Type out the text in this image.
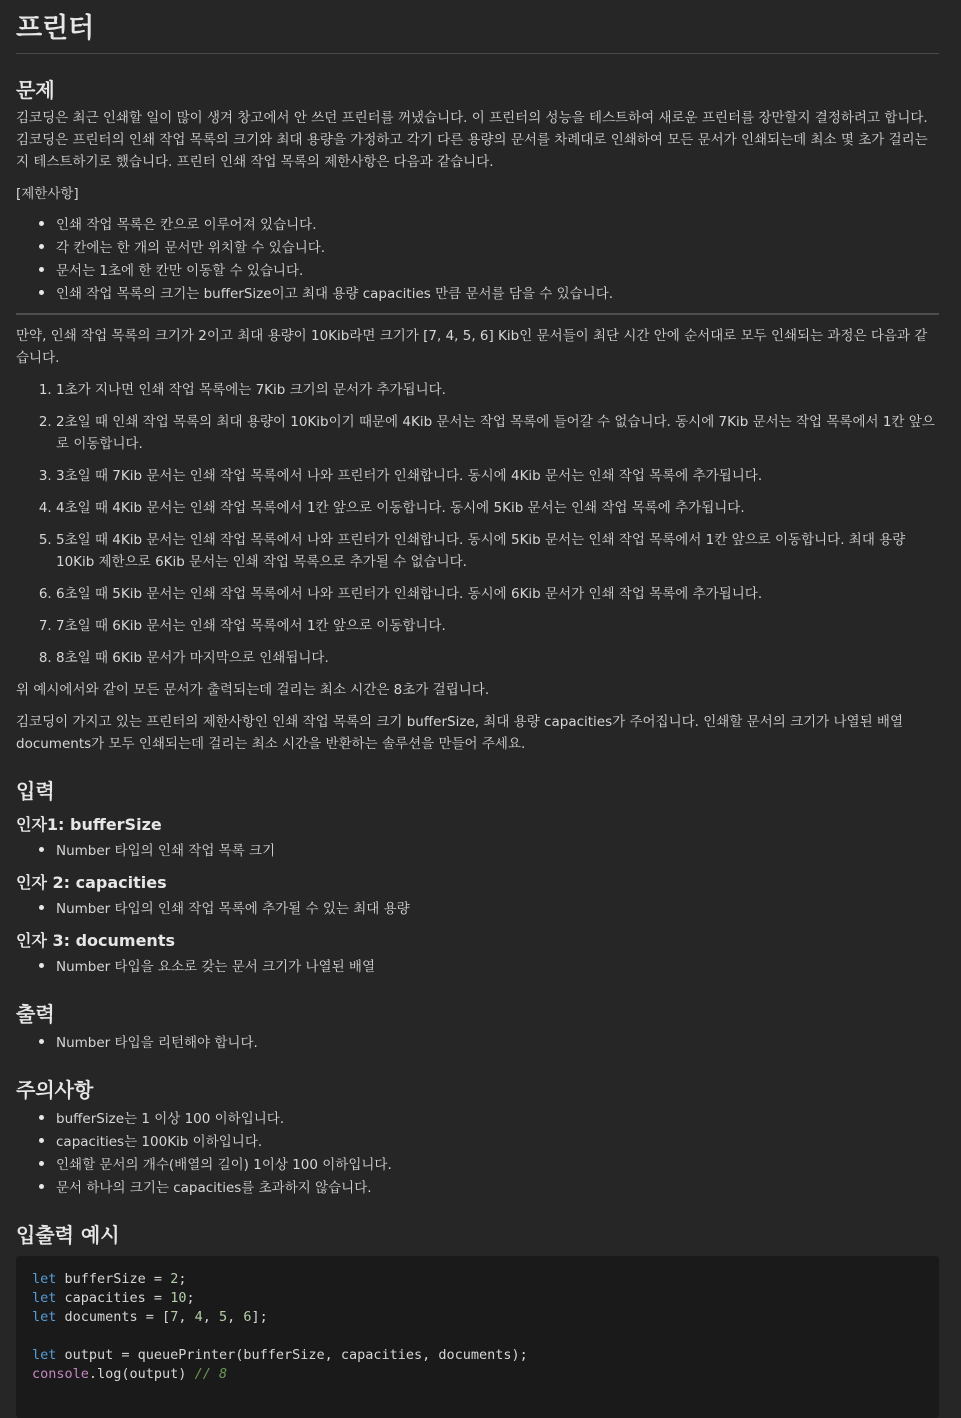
프린터
문제

김코딩은 최근 인쇄할 일이 많이 생겨 창고에서 안 쓰던 프린터를 꺼냈습니다. 이 프린터의 성능을 테스트하여 새로운 프린터를 장만할지 결정하려고 합니다. 김코딩은 프린터의 인쇄 작업 목록의 크기와 최대 용량을 가정하고 각기 다른 용량의 문서를 차례대로 인쇄하여 모든 문서가 인쇄되는데 최소 몇 초가 걸리는지 테스트하기로 했습니다. 프린터 인쇄 작업 목록의 제한사항은 다음과 같습니다.

[제한사항]

• 인쇄 작업 목록은 칸으로 이루어져 있습니다.
• 각 칸에는 한 개의 문서만 위치할 수 있습니다.
• 문서는 1초에 한 칸만 이동할 수 있습니다.
• 인쇄 작업 목록의 크기는 bufferSize이고 최대 용량 capacities 만큼 문서를 담을 수 있습니다.

만약, 인쇄 작업 목록의 크기가 2이고 최대 용량이 10Kib라면 크기가 [7, 4, 5, 6] Kib인 문서들이 최단 시간 안에 순서대로 모두 인쇄되는 과정은 다음과 같습니다.

1. 1초가 지나면 인쇄 작업 목록에는 7Kib 크기의 문서가 추가됩니다.
2. 2초일 때 인쇄 작업 목록의 최대 용량이 10Kib이기 때문에 4Kib 문서는 작업 목록에 들어갈 수 없습니다. 동시에 7Kib 문서는 작업 목록에서 1칸 앞으로 이동합니다.
3. 3초일 때 7Kib 문서는 인쇄 작업 목록에서 나와 프린터가 인쇄합니다. 동시에 4Kib 문서는 인쇄 작업 목록에 추가됩니다.
4. 4초일 때 4Kib 문서는 인쇄 작업 목록에서 1칸 앞으로 이동합니다. 동시에 5Kib 문서는 인쇄 작업 목록에 추가됩니다.
5. 5초일 때 4Kib 문서는 인쇄 작업 목록에서 나와 프린터가 인쇄합니다. 동시에 5Kib 문서는 인쇄 작업 목록에서 1칸 앞으로 이동합니다. 최대 용량 10Kib 제한으로 6Kib 문서는 인쇄 작업 목록으로 추가될 수 없습니다.
6. 6초일 때 5Kib 문서는 인쇄 작업 목록에서 나와 프린터가 인쇄합니다. 동시에 6Kib 문서가 인쇄 작업 목록에 추가됩니다.
7. 7초일 때 6Kib 문서는 인쇄 작업 목록에서 1칸 앞으로 이동합니다.
8. 8초일 때 6Kib 문서가 마지막으로 인쇄됩니다.

위 예시에서와 같이 모든 문서가 출력되는데 걸리는 최소 시간은 8초가 걸립니다.

김코딩이 가지고 있는 프린터의 제한사항인 인쇄 작업 목록의 크기 bufferSize, 최대 용량 capacities가 주어집니다. 인쇄할 문서의 크기가 나열된 배열 documents가 모두 인쇄되는데 걸리는 최소 시간을 반환하는 솔루션을 만들어 주세요.

입력
인자1: bufferSize
• Number 타입의 인쇄 작업 목록 크기
인자 2: capacities
• Number 타입의 인쇄 작업 목록에 추가될 수 있는 최대 용량
인자 3: documents
• Number 타입을 요소로 갖는 문서 크기가 나열된 배열
출력
• Number 타입을 리턴해야 합니다.
주의사항
• bufferSize는 1 이상 100 이하입니다.
• capacities는 100Kib 이하입니다.
• 인쇄할 문서의 개수(배열의 길이) 1이상 100 이하입니다.
• 문서 하나의 크기는 capacities를 초과하지 않습니다.
입출력 예시
let bufferSize = 2;
let capacities = 10;
let documents = [7, 4, 5, 6];

let output = queuePrinter(bufferSize, capacities, documents);
console.log(output) // 8
